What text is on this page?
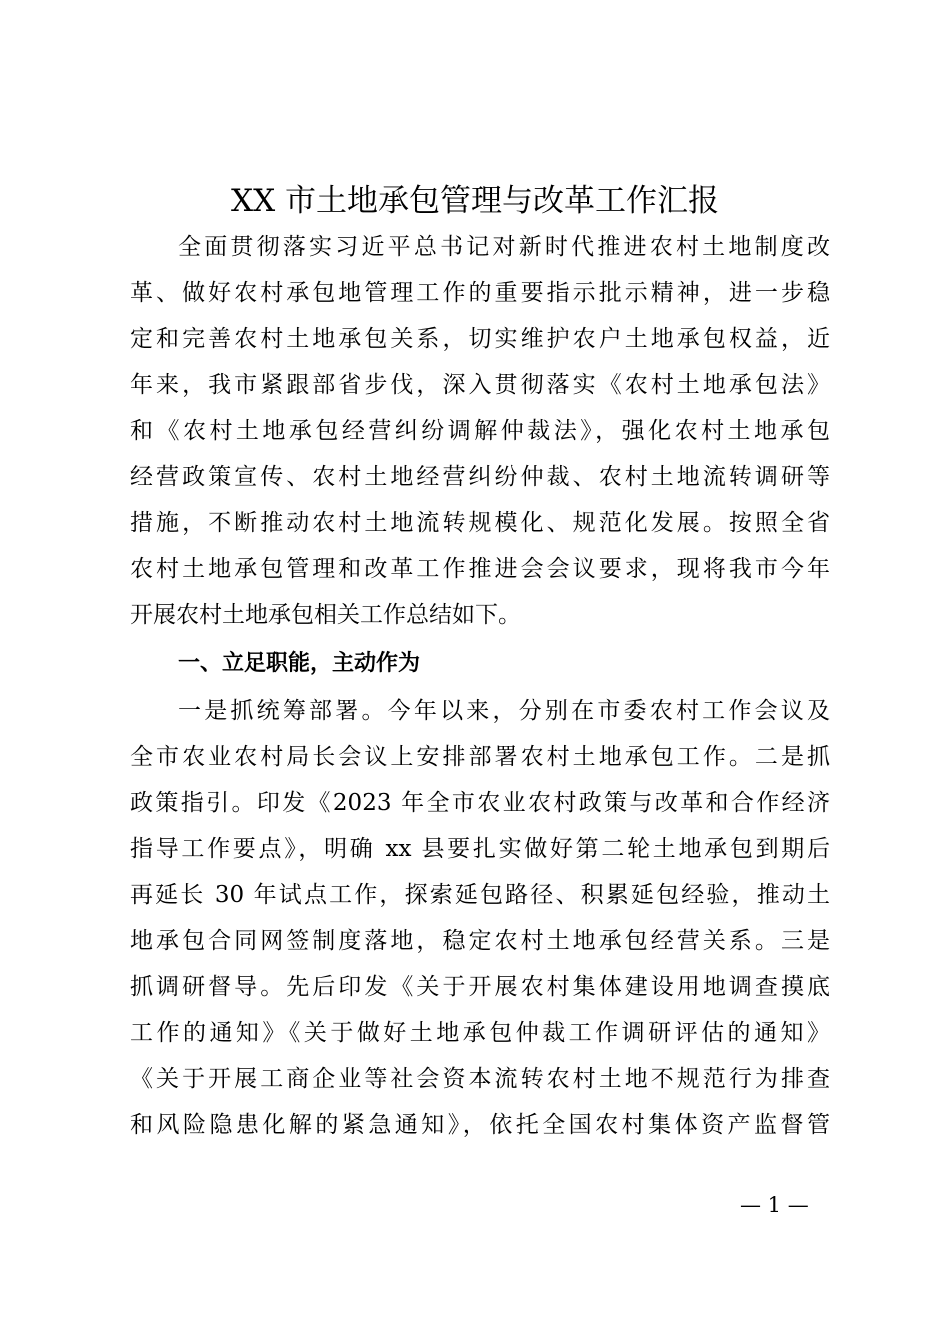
XX 市土地承包管理与改革工作汇报
全面贯彻落实习近平总书记对新时代推进农村土地制度改
革、做好农村承包地管理工作的重要指示批示精神，进一步稳
定和完善农村土地承包关系，切实维护农户土地承包权益，近
年来，我市紧跟部省步伐，深入贯彻落实《农村土地承包法》
和《农村土地承包经营纠纷调解仲裁法》，强化农村土地承包
经营政策宣传、农村土地经营纠纷仲裁、农村土地流转调研等
措施，不断推动农村土地流转规模化、规范化发展。按照全省
农村土地承包管理和改革工作推进会会议要求，现将我市今年
开展农村土地承包相关工作总结如下。
一、立足职能，主动作为
一是抓统筹部署。今年以来，分别在市委农村工作会议及
全市农业农村局长会议上安排部署农村土地承包工作。二是抓
政策指引。印发《2023 年全市农业农村政策与改革和合作经济
指导工作要点》，明确 xx 县要扎实做好第二轮土地承包到期后
再延长 30 年试点工作，探索延包路径、积累延包经验，推动土
地承包合同网签制度落地，稳定农村土地承包经营关系。三是
抓调研督导。先后印发《关于开展农村集体建设用地调查摸底
工作的通知》《关于做好土地承包仲裁工作调研评估的通知》
《关于开展工商企业等社会资本流转农村土地不规范行为排查
和风险隐患化解的紧急通知》，依托全国农村集体资产监督管
— 1 —
